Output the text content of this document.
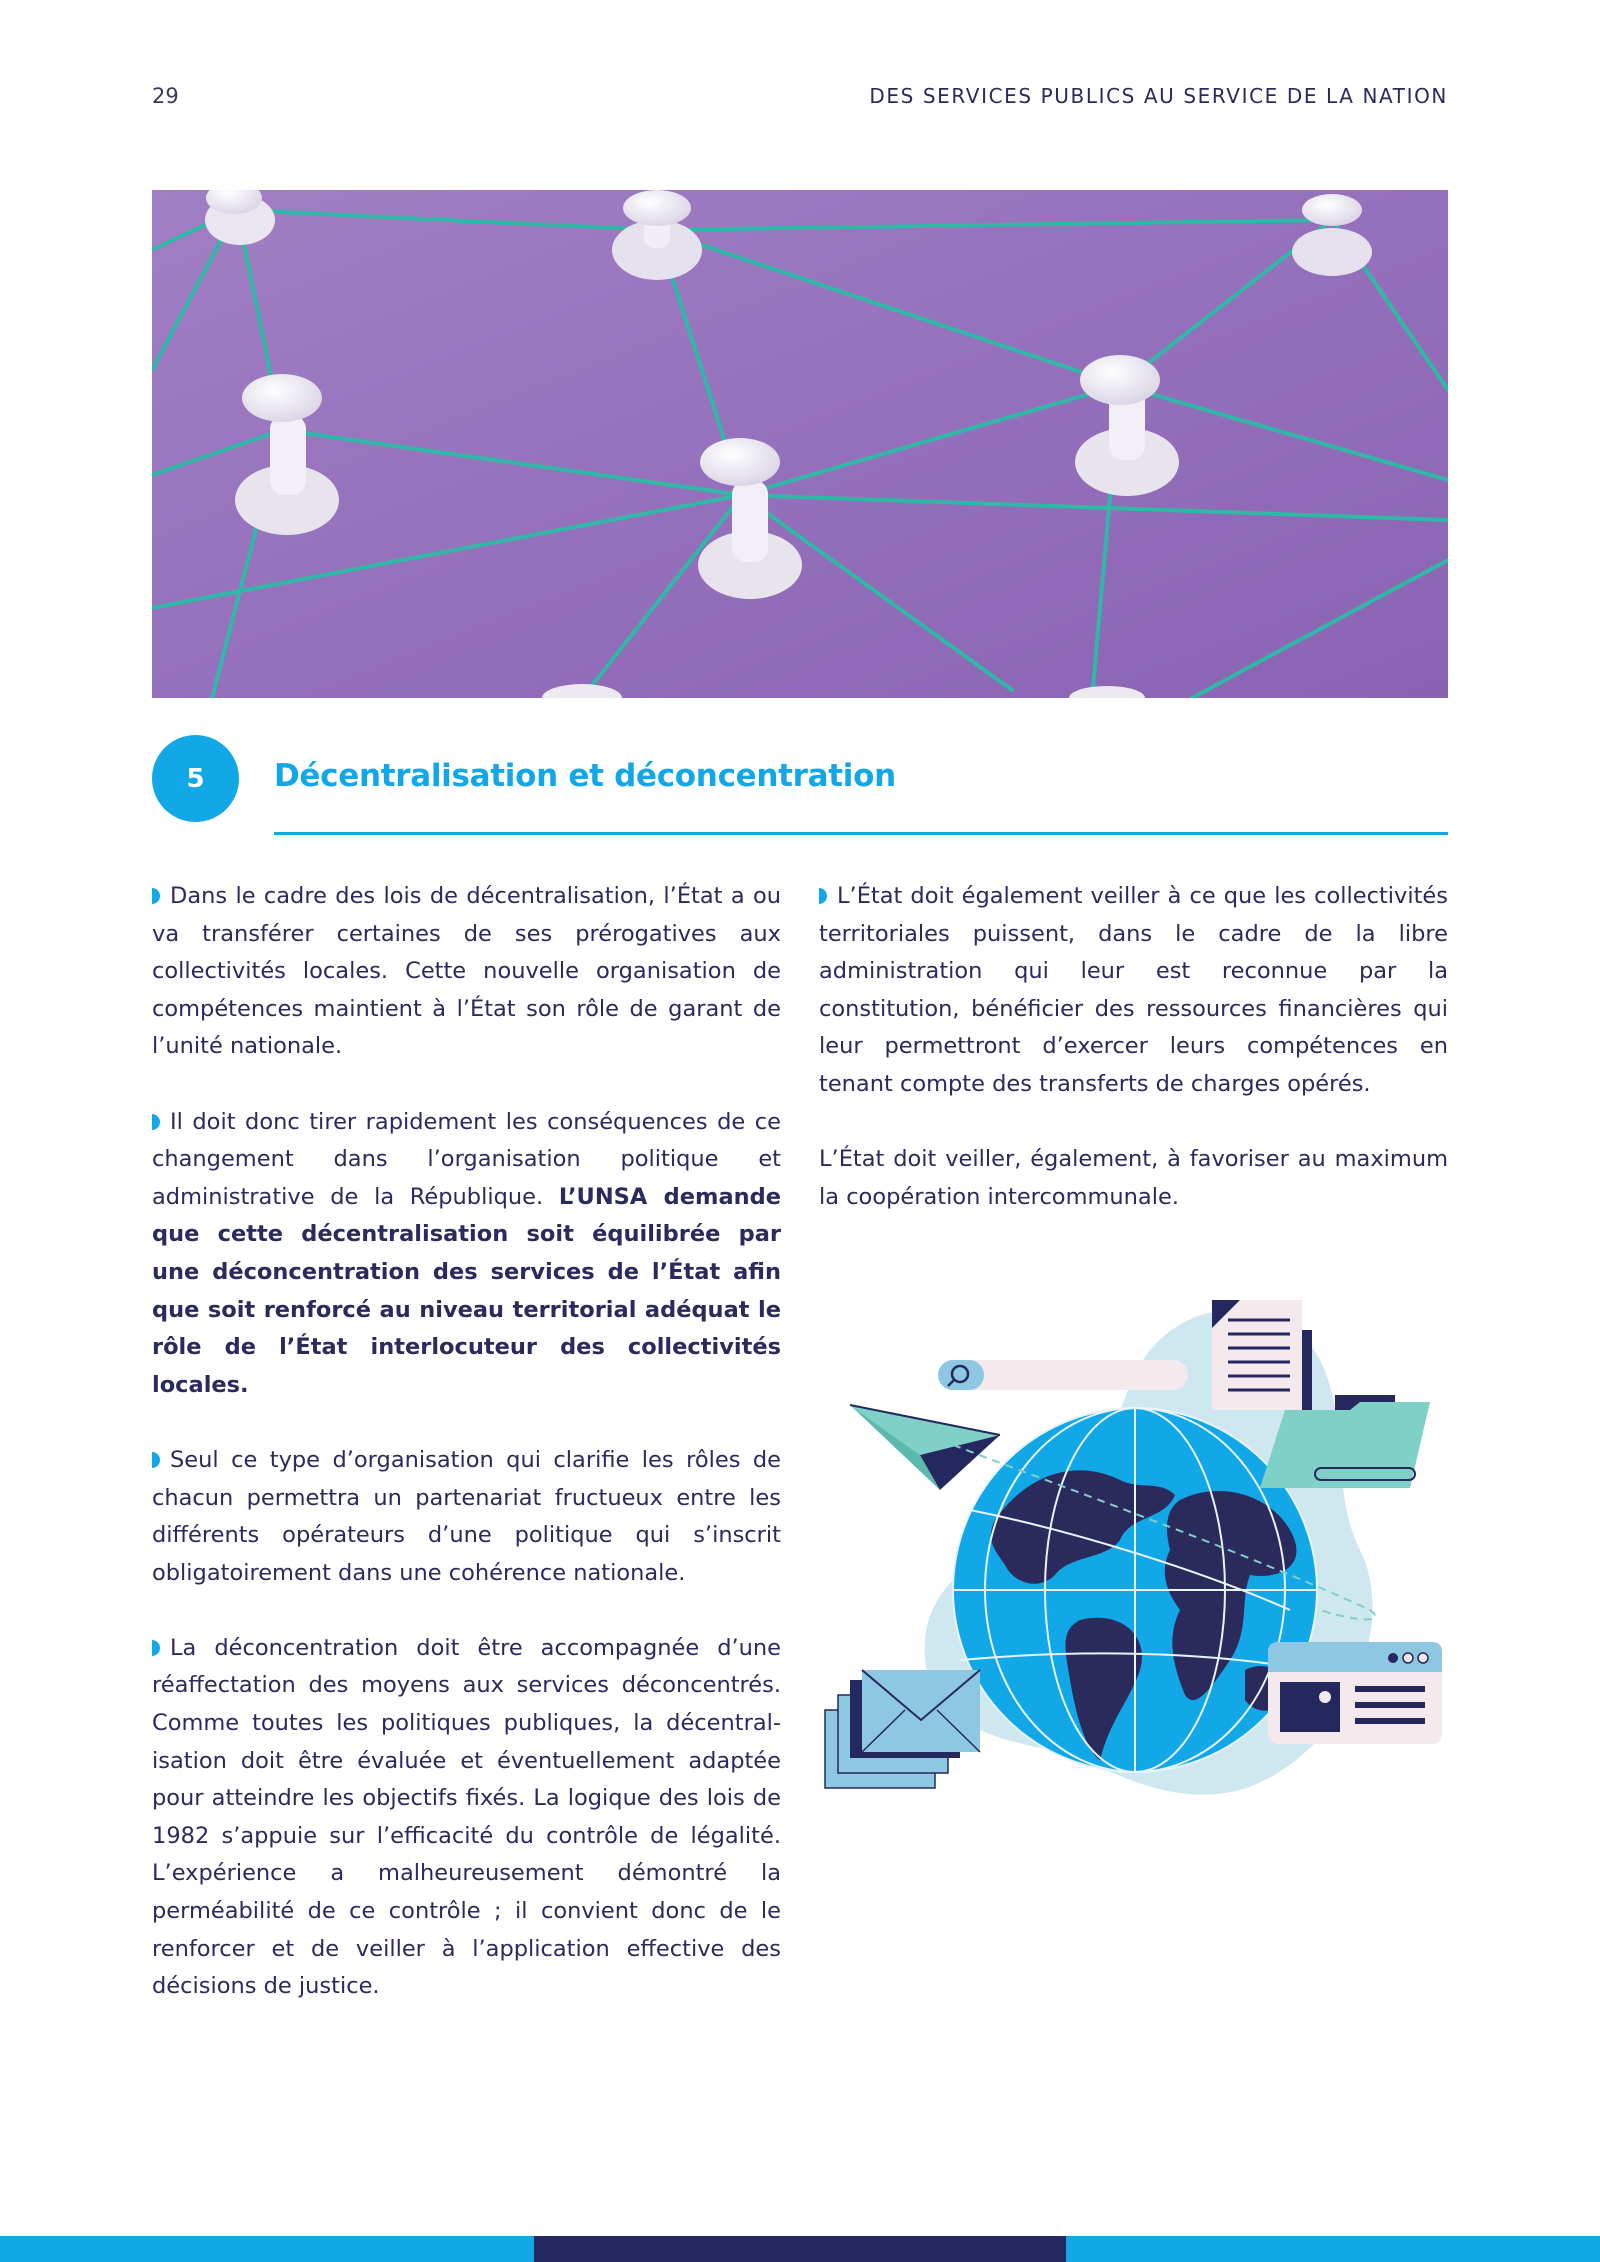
29	DES SERVICES PUBLICS AU SERVICE DE LA NATION
5	Décentralisation et déconcentration

Dans le cadre des lois de décentralisation, l’État a ou va transférer certaines de ses prérogatives aux collectivités locales. Cette nouvelle organisation de compétences maintient à l’État son rôle de garant de l’unité nationale.

Il doit donc tirer rapidement les conséquences de ce changement dans l’organisation politique et administrative de la République. L’UNSA demande que cette décentralisation soit équilibrée par une déconcentration des services de l’État afin que soit renforcé au niveau territorial adéquat le rôle de l’État interlocuteur des collectivités locales.

Seul ce type d’organisation qui clarifie les rôles de chacun permettra un partenariat fructueux entre les différents opérateurs d’une politique qui s’inscrit obligatoirement dans une cohérence nationale.

La déconcentration doit être accompagnée d’une réaffectation des moyens aux services déconcentrés. Comme toutes les politiques publiques, la décentral-isation doit être évaluée et éventuellement adaptée pour atteindre les objectifs fixés. La logique des lois de 1982 s’appuie sur l’efficacité du contrôle de légalité. L’expérience a malheureusement démontré la perméabilité de ce contrôle ; il convient donc de le renforcer et de veiller à l’application effective des décisions de justice.

L’État doit également veiller à ce que les collectivités territoriales puissent, dans le cadre de la libre administration qui leur est reconnue par la constitution, bénéficier des ressources financières qui leur permettront d’exercer leurs compétences en tenant compte des transferts de charges opérés.

L’État doit veiller, également, à favoriser au maximum la coopération intercommunale.
